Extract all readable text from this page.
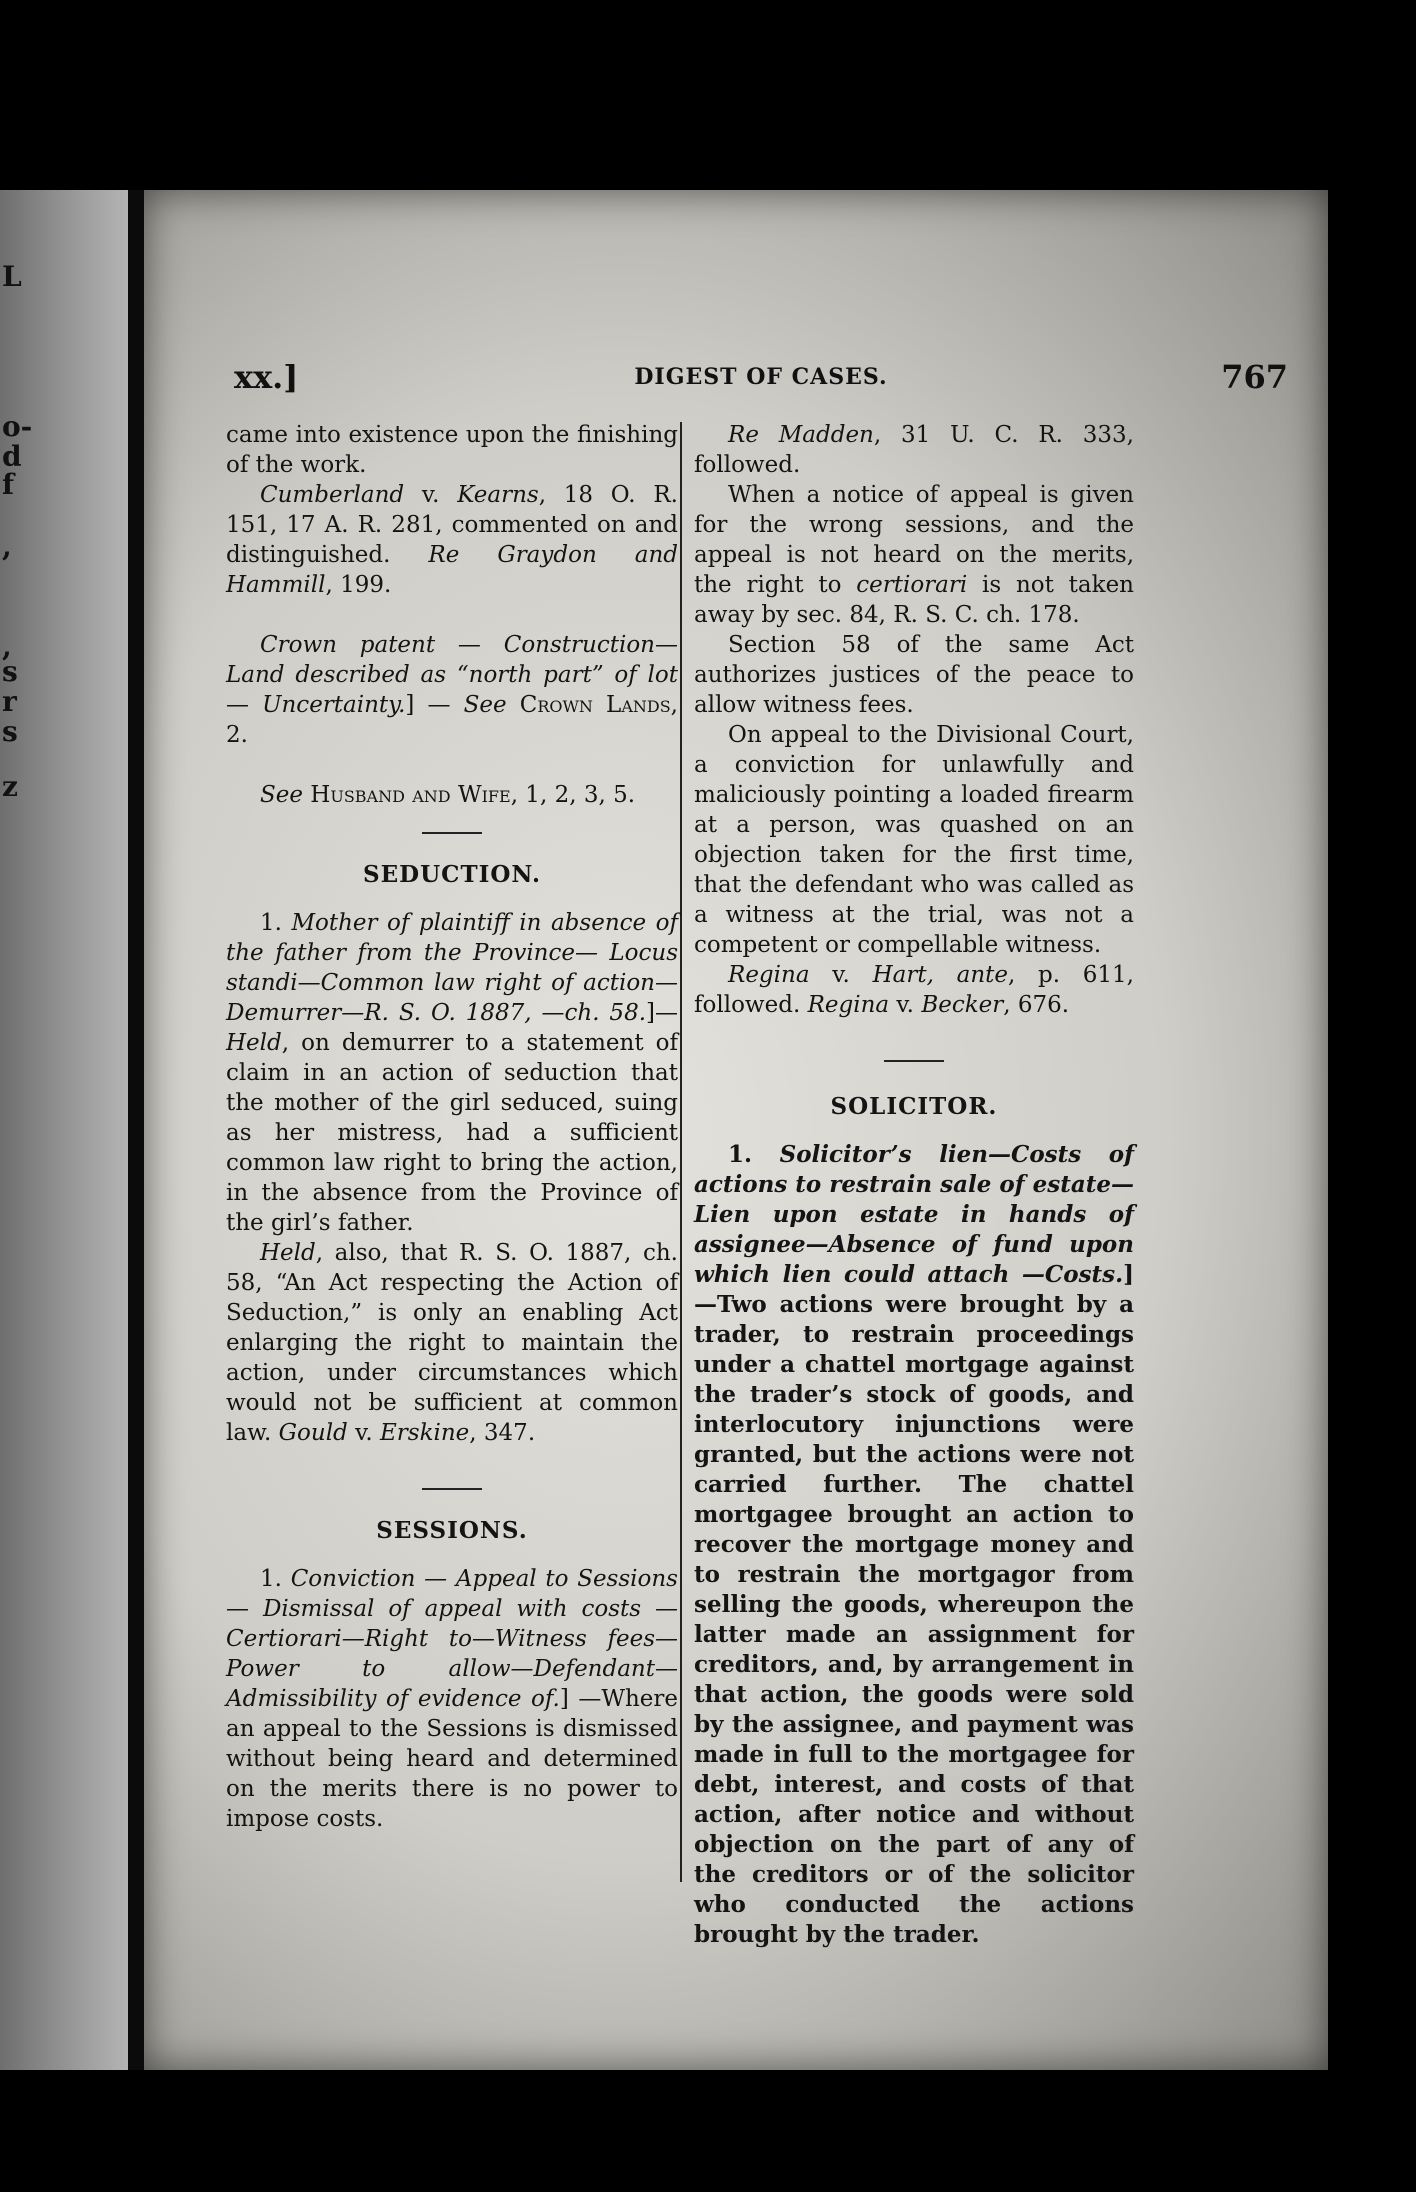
L
o-
d
f
,
,
s
r
s
z
xx.]	DIGEST OF CASES.	767

came into existence upon the finishing of the work.

Cumberland v. Kearns, 18 O. R. 151, 17 A. R. 281, commented on and distinguished. Re Graydon and Hammill, 199.

Crown patent — Construction— Land described as “north part” of lot — Uncertainty.] — See Crown Lands, 2.

See Husband and Wife, 1, 2, 3, 5.

SEDUCTION.

1. Mother of plaintiff in absence of the father from the Province— Locus standi—Common law right of action—Demurrer—R. S. O. 1887, —ch. 58.]—Held, on demurrer to a statement of claim in an action of seduction that the mother of the girl seduced, suing as her mistress, had a sufficient common law right to bring the action, in the absence from the Province of the girl’s father.

Held, also, that R. S. O. 1887, ch. 58, “An Act respecting the Action of Seduction,” is only an enabling Act enlarging the right to maintain the action, under circumstances which would not be sufficient at common law. Gould v. Erskine, 347.

SESSIONS.

1. Conviction — Appeal to Sessions — Dismissal of appeal with costs — Certiorari—Right to—Witness fees—Power to allow—Defendant—Admissibility of evidence of.] —Where an appeal to the Sessions is dismissed without being heard and determined on the merits there is no power to impose costs.

Re Madden, 31 U. C. R. 333, followed.

When a notice of appeal is given for the wrong sessions, and the appeal is not heard on the merits, the right to certiorari is not taken away by sec. 84, R. S. C. ch. 178.

Section 58 of the same Act authorizes justices of the peace to allow witness fees.

On appeal to the Divisional Court, a conviction for unlawfully and maliciously pointing a loaded firearm at a person, was quashed on an objection taken for the first time, that the defendant who was called as a witness at the trial, was not a competent or compellable witness.

Regina v. Hart, ante, p. 611, followed. Regina v. Becker, 676.

SOLICITOR.

1. Solicitor’s lien—Costs of actions to restrain sale of estate—Lien upon estate in hands of assignee—Absence of fund upon which lien could attach —Costs.]—Two actions were brought by a trader, to restrain proceedings under a chattel mortgage against the trader’s stock of goods, and interlocutory injunctions were granted, but the actions were not carried further. The chattel mortgagee brought an action to recover the mortgage money and to restrain the mortgagor from selling the goods, whereupon the latter made an assignment for creditors, and, by arrangement in that action, the goods were sold by the assignee, and payment was made in full to the mortgagee for debt, interest, and costs of that action, after notice and without objection on the part of any of the creditors or of the solicitor who conducted the actions brought by the trader.
